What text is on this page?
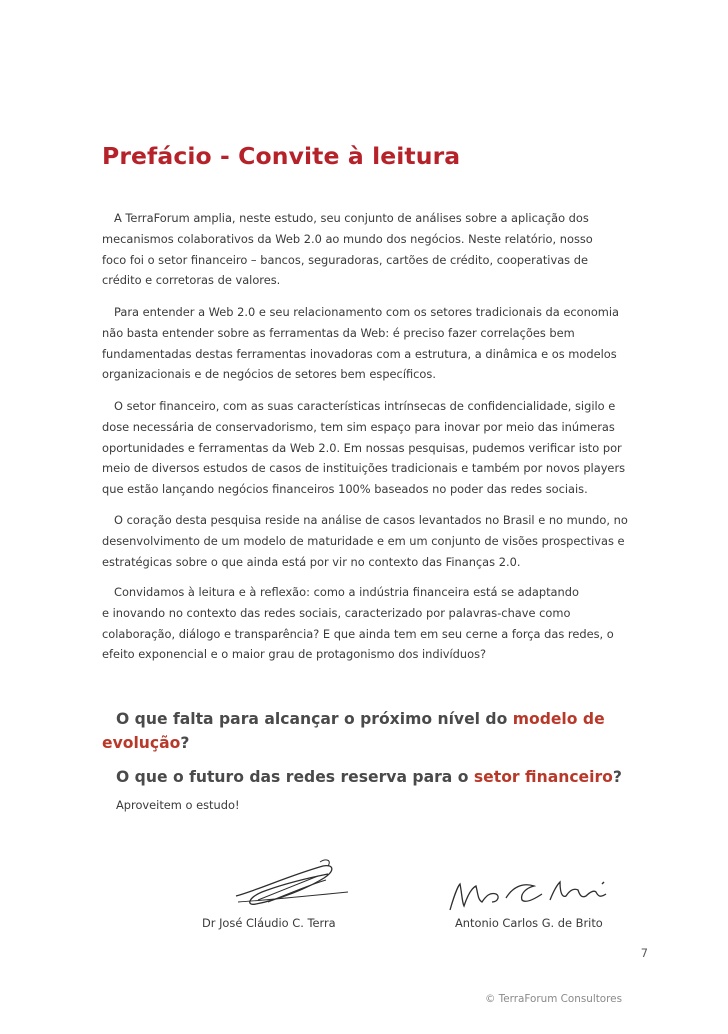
Prefácio - Convite à leitura

A TerraForum amplia, neste estudo, seu conjunto de análises sobre a aplicação dos
mecanismos colaborativos da Web 2.0 ao mundo dos negócios. Neste relatório, nosso
foco foi o setor financeiro – bancos, seguradoras, cartões de crédito, cooperativas de
crédito e corretoras de valores.

Para entender a Web 2.0 e seu relacionamento com os setores tradicionais da economia
não basta entender sobre as ferramentas da Web: é preciso fazer correlações bem
fundamentadas destas ferramentas inovadoras com a estrutura, a dinâmica e os modelos
organizacionais e de negócios de setores bem específicos.

O setor financeiro, com as suas características intrínsecas de confidencialidade, sigilo e
dose necessária de conservadorismo, tem sim espaço para inovar por meio das inúmeras
oportunidades e ferramentas da Web 2.0. Em nossas pesquisas, pudemos verificar isto por
meio de diversos estudos de casos de instituições tradicionais e também por novos players
que estão lançando negócios financeiros 100% baseados no poder das redes sociais.

O coração desta pesquisa reside na análise de casos levantados no Brasil e no mundo, no
desenvolvimento de um modelo de maturidade e em um conjunto de visões prospectivas e
estratégicas sobre o que ainda está por vir no contexto das Finanças 2.0.

Convidamos à leitura e à reflexão: como a indústria financeira está se adaptando
e inovando no contexto das redes sociais, caracterizado por palavras-chave como
colaboração, diálogo e transparência? E que ainda tem em seu cerne a força das redes, o
efeito exponencial e o maior grau de protagonismo dos indivíduos?

O que falta para alcançar o próximo nível do modelo de evolução?

O que o futuro das redes reserva para o setor financeiro?

Aproveitem o estudo!

Dr José Cláudio C. Terra	Antonio Carlos G. de Brito

7

© TerraForum Consultores
